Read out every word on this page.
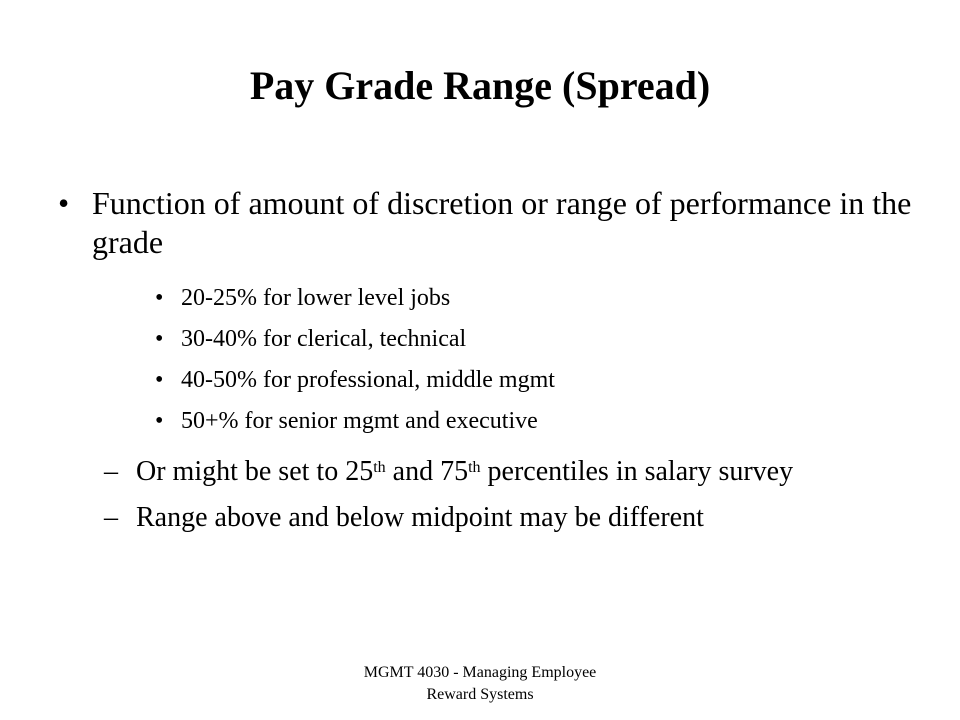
Pay Grade Range (Spread)
• Function of amount of discretion or range of performance in the grade
• 20-25% for lower level jobs
• 30-40% for clerical, technical
• 40-50% for professional, middle mgmt
• 50+% for senior mgmt and executive
– Or might be set to 25th and 75th percentiles in salary survey
– Range above and below midpoint may be different
MGMT 4030 - Managing Employee
Reward Systems
